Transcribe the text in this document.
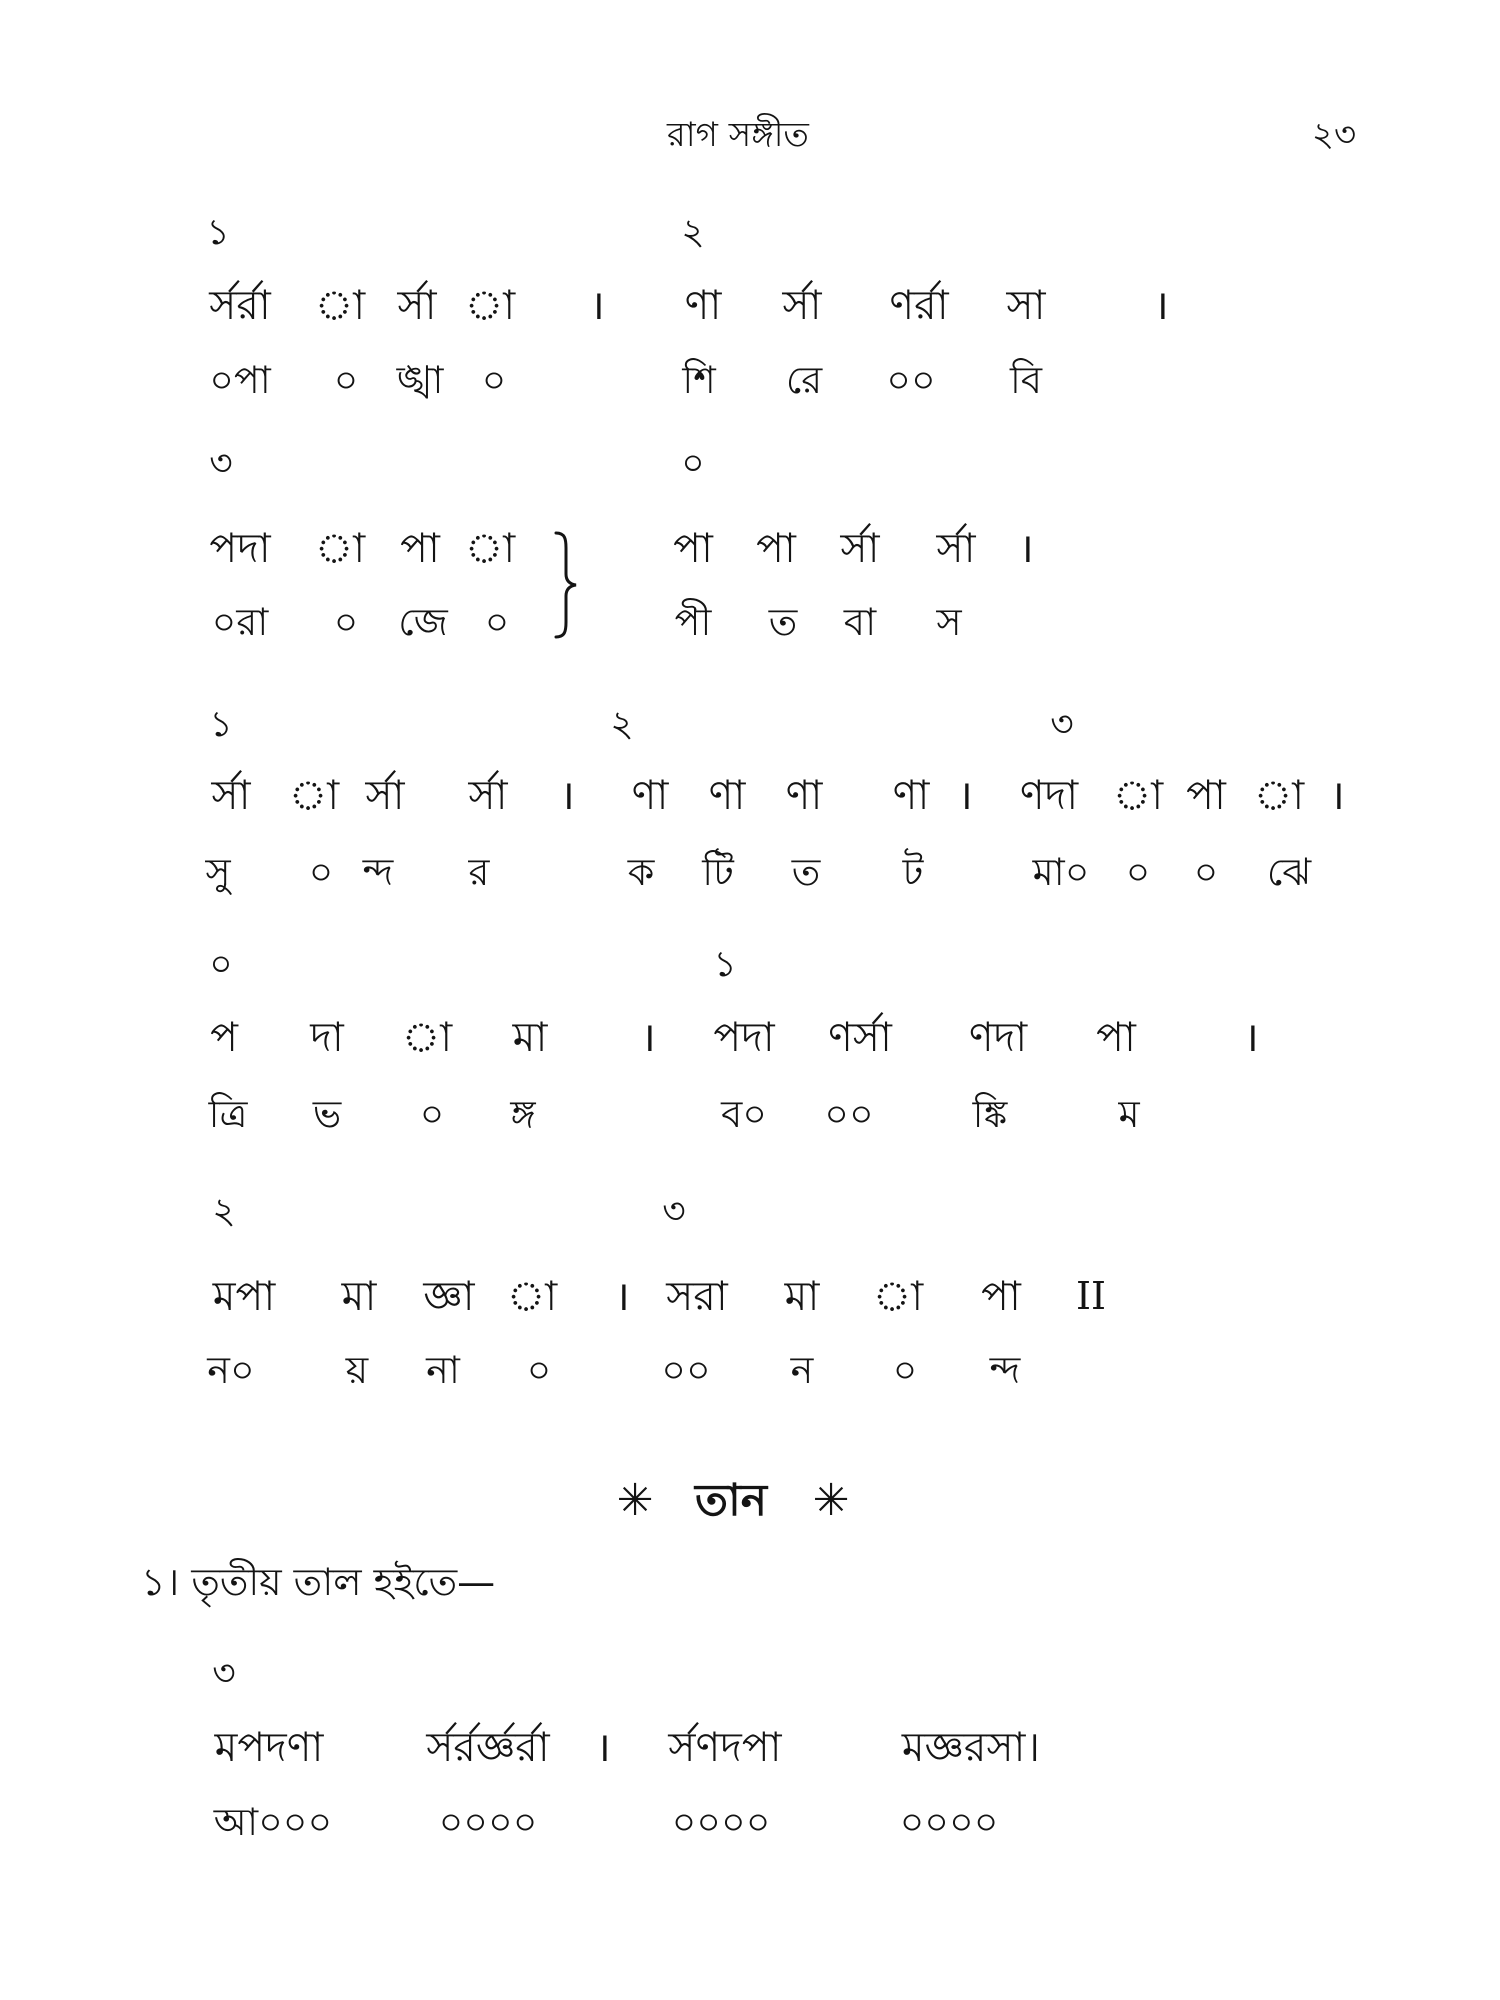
রাগ সঙ্গীত	২৩
১	২
র্সর্রা া র্সা া । ণা র্সা ণর্রা সা	।
০পা ০ ঙ্খা ০	শি রে ০০ বি
৩	০
পদা া পা া	পা পা র্সা র্সা ।
০রা ০ জে ০	পী ত বা স
১	২	৩
র্সা া র্সা র্সা । ণা ণা ণা ণা । ণদা া পা া ।
সু ০ ন্দ র	ক টি ত ট	মা০ ০ ০ ঝে
০	১
প দা া মা । পদা ণর্সা ণদা পা	।
ত্রি ভ ০ ঙ্গ	ব০ ০০	ঙ্কি	ম
২	৩
মপা মা জ্ঞা া । সরা মা া পা II
ন০ য় না ০	০০ ন ০ ন্দ
✳ তান ✳
১। তৃতীয় তাল হইতে—
৩
মপদণা	র্সর্রর্জ্ঞর্রা । র্সণদপা	মজ্ঞরসা।
আ০০০	০০০০	০০০০	০০০০
